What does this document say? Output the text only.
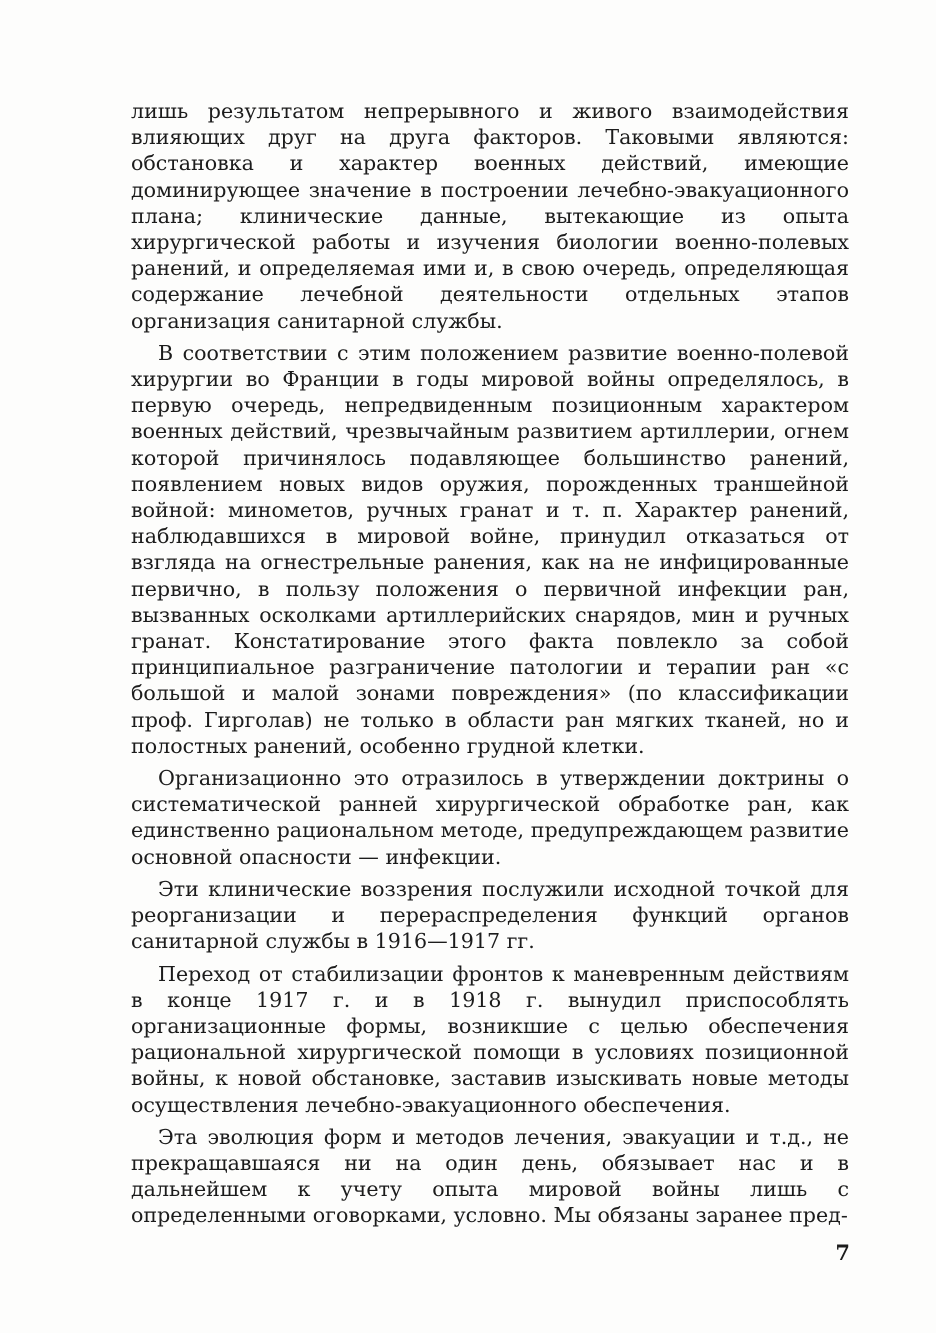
лишь результатом непрерывного и живого взаимодействия влияющих друг на друга факторов. Таковыми являются: обстановка и характер военных действий, имеющие доминирующее значение в построении лечебно-эвакуационного плана; клинические данные, вытекающие из опыта хирургической работы и изучения биологии военно-полевых ранений, и определяемая ими и, в свою очередь, определяющая содержание лечебной деятельности отдельных этапов организация санитарной службы.

В соответствии с этим положением развитие военно-полевой хирургии во Франции в годы мировой войны определялось, в первую очередь, непредвиденным позиционным характером военных действий, чрезвычайным развитием артиллерии, огнем которой причинялось подавляющее большинство ранений, появлением новых видов оружия, порожденных траншейной войной: минометов, ручных гранат и т. п. Характер ранений, наблюдавшихся в мировой войне, принудил отказаться от взгляда на огнестрельные ранения, как на не инфицированные первично, в пользу положения о первичной инфекции ран, вызванных осколками артиллерийских снарядов, мин и ручных гранат. Констатирование этого факта повлекло за собой принципиальное разграничение патологии и терапии ран «с большой и малой зонами повреждения» (по классификации проф. Гирголав) не только в области ран мягких тканей, но и полостных ранений, особенно грудной клетки.

Организационно это отразилось в утверждении доктрины о систематической ранней хирургической обработке ран, как единственно рациональном методе, предупреждающем развитие основной опасности — инфекции.

Эти клинические воззрения послужили исходной точкой для реорганизации и перераспределения функций органов санитарной службы в 1916—1917 гг.

Переход от стабилизации фронтов к маневренным действиям в конце 1917 г. и в 1918 г. вынудил приспособлять организационные формы, возникшие с целью обеспечения рациональной хирургической помощи в условиях позиционной войны, к новой обстановке, заставив изыскивать новые методы осуществления лечебно-эвакуационного обеспечения.

Эта эволюция форм и методов лечения, эвакуации и т.д., не прекращавшаяся ни на один день, обязывает нас и в дальнейшем к учету опыта мировой войны лишь с определенными оговорками, условно. Мы обязаны заранее пред-

7
